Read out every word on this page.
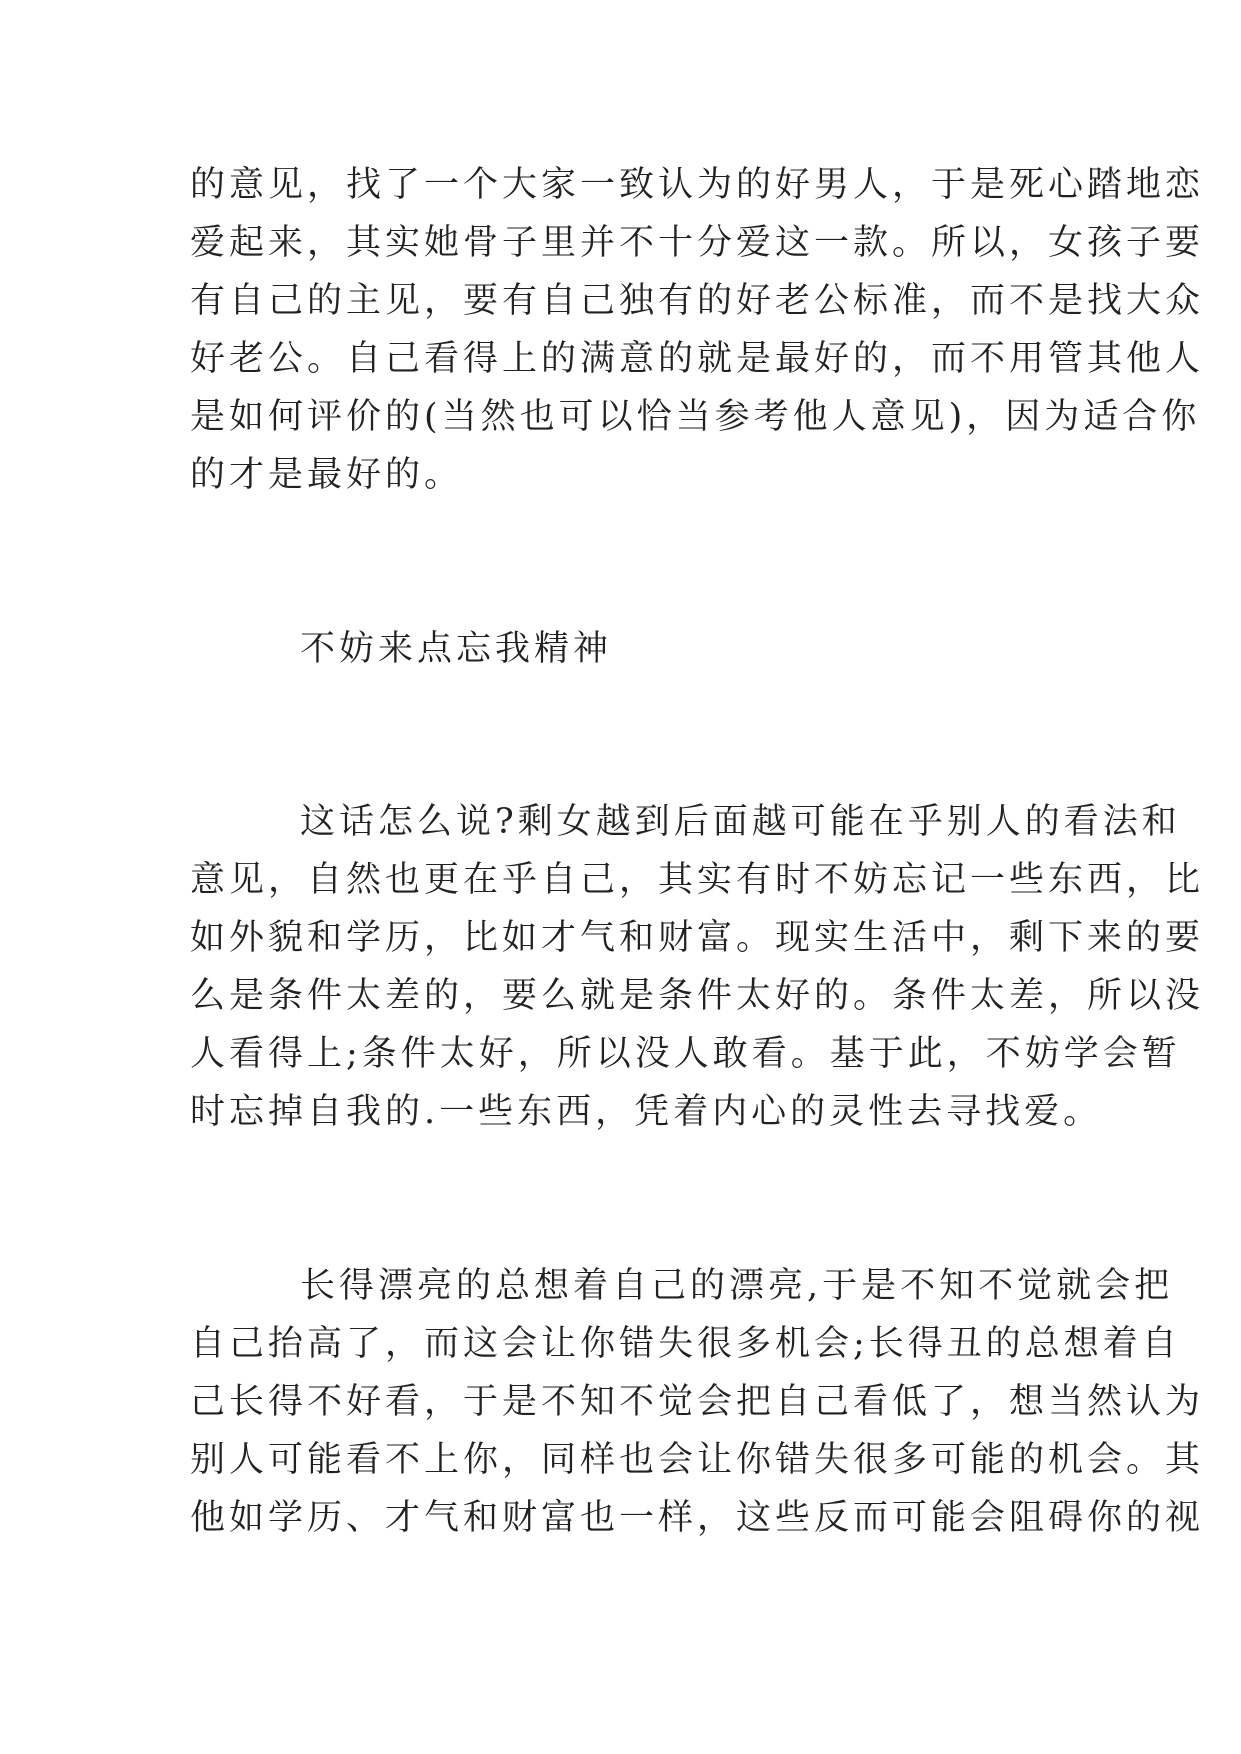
的意见，找了一个大家一致认为的好男人，于是死心踏地恋
爱起来，其实她骨子里并不十分爱这一款。所以，女孩子要
有自己的主见，要有自己独有的好老公标准，而不是找大众
好老公。自己看得上的满意的就是最好的，而不用管其他人
是如何评价的(当然也可以恰当参考他人意见)，因为适合你
的才是最好的。
不妨来点忘我精神
这话怎么说?剩女越到后面越可能在乎别人的看法和
意见，自然也更在乎自己，其实有时不妨忘记一些东西，比
如外貌和学历，比如才气和财富。现实生活中，剩下来的要
么是条件太差的，要么就是条件太好的。条件太差，所以没
人看得上;条件太好，所以没人敢看。基于此，不妨学会暂
时忘掉自我的.一些东西，凭着内心的灵性去寻找爱。
长得漂亮的总想着自己的漂亮,于是不知不觉就会把
自己抬高了，而这会让你错失很多机会;长得丑的总想着自
己长得不好看，于是不知不觉会把自己看低了，想当然认为
别人可能看不上你，同样也会让你错失很多可能的机会。其
他如学历、才气和财富也一样，这些反而可能会阻碍你的视
